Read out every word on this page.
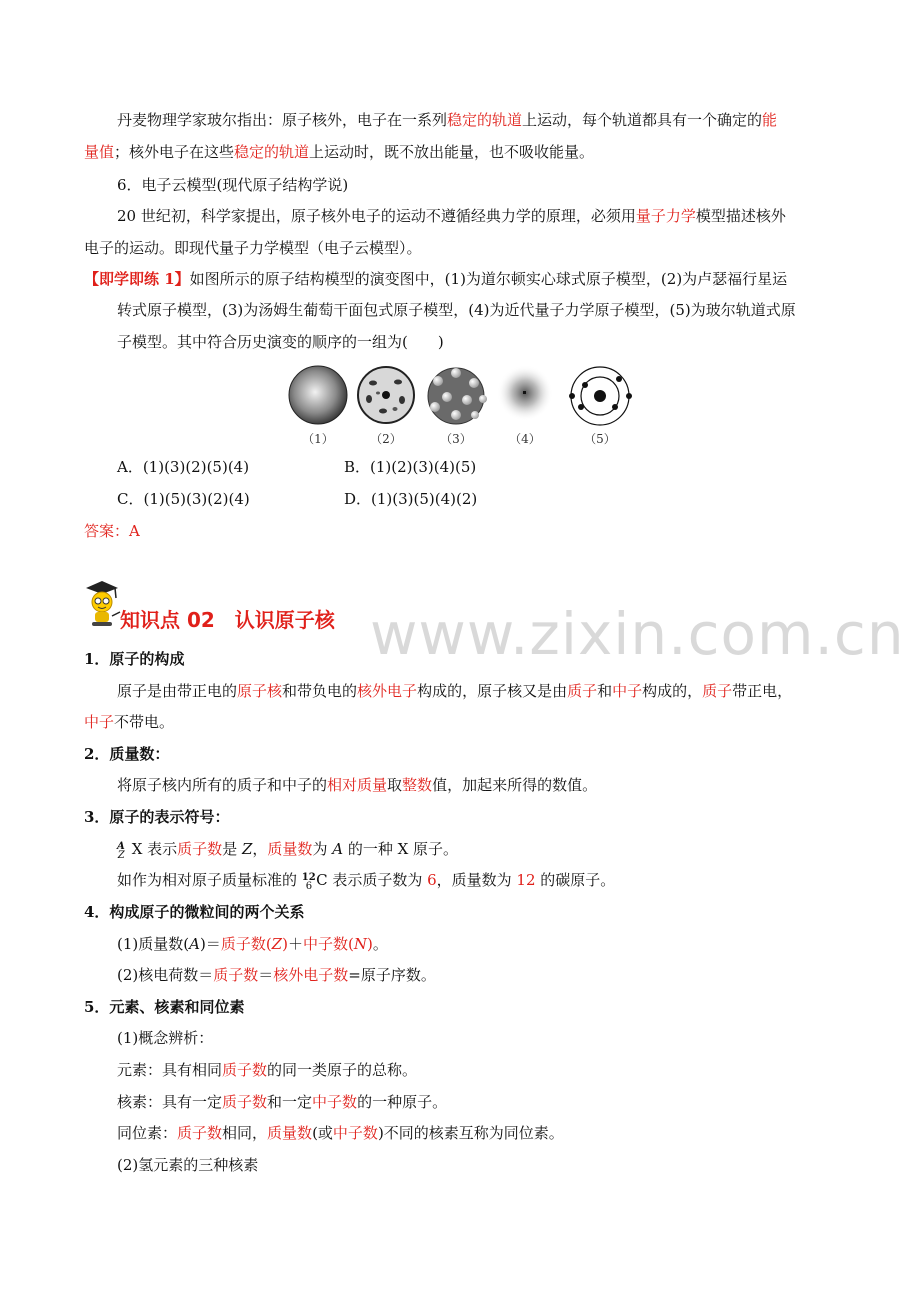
丹麦物理学家玻尔指出：原子核外，电子在一系列稳定的轨道上运动，每个轨道都具有一个确定的能
量值；核外电子在这些稳定的轨道上运动时，既不放出能量，也不吸收能量。
6．电子云模型(现代原子结构学说)
20 世纪初，科学家提出，原子核外电子的运动不遵循经典力学的原理，必须用量子力学模型描述核外
电子的运动。即现代量子力学模型（电子云模型）。
【即学即练 1】如图所示的原子结构模型的演变图中，(1)为道尔顿实心球式原子模型，(2)为卢瑟福行星运
转式原子模型，(3)为汤姆生葡萄干面包式原子模型，(4)为近代量子力学原子模型，(5)为玻尔轨道式原
子模型。其中符合历史演变的顺序的一组为(　　)
（1）	（2）	（3）	（4）	（5）
A．(1)(3)(2)(5)(4)	B．(1)(2)(3)(4)(5)
C．(1)(5)(3)(2)(4)	D．(1)(3)(5)(4)(2)
答案：A
www.zixin.com.cn
知识点 02　认识原子核
1．原子的构成
原子是由带正电的原子核和带负电的核外电子构成的，原子核又是由质子和中子构成的，质子带正电，
中子不带电。
2．质量数：
将原子核内所有的质子和中子的相对质量取整数值，加起来所得的数值。
3．原子的表示符号：
$^A_Z$ X 表示质子数是 Z，质量数为 A 的一种 X 原子。
如作为相对原子质量标准的 $^{12}_6$ C 表示质子数为 6，质量数为 12 的碳原子。
4．构成原子的微粒间的两个关系
(1)质量数(A)＝质子数(Z)＋中子数(N)。
(2)核电荷数＝质子数＝核外电子数=原子序数。
5．元素、核素和同位素
(1)概念辨析：
元素：具有相同质子数的同一类原子的总称。
核素：具有一定质子数和一定中子数的一种原子。
同位素：质子数相同，质量数(或中子数)不同的核素互称为同位素。
(2)氢元素的三种核素
